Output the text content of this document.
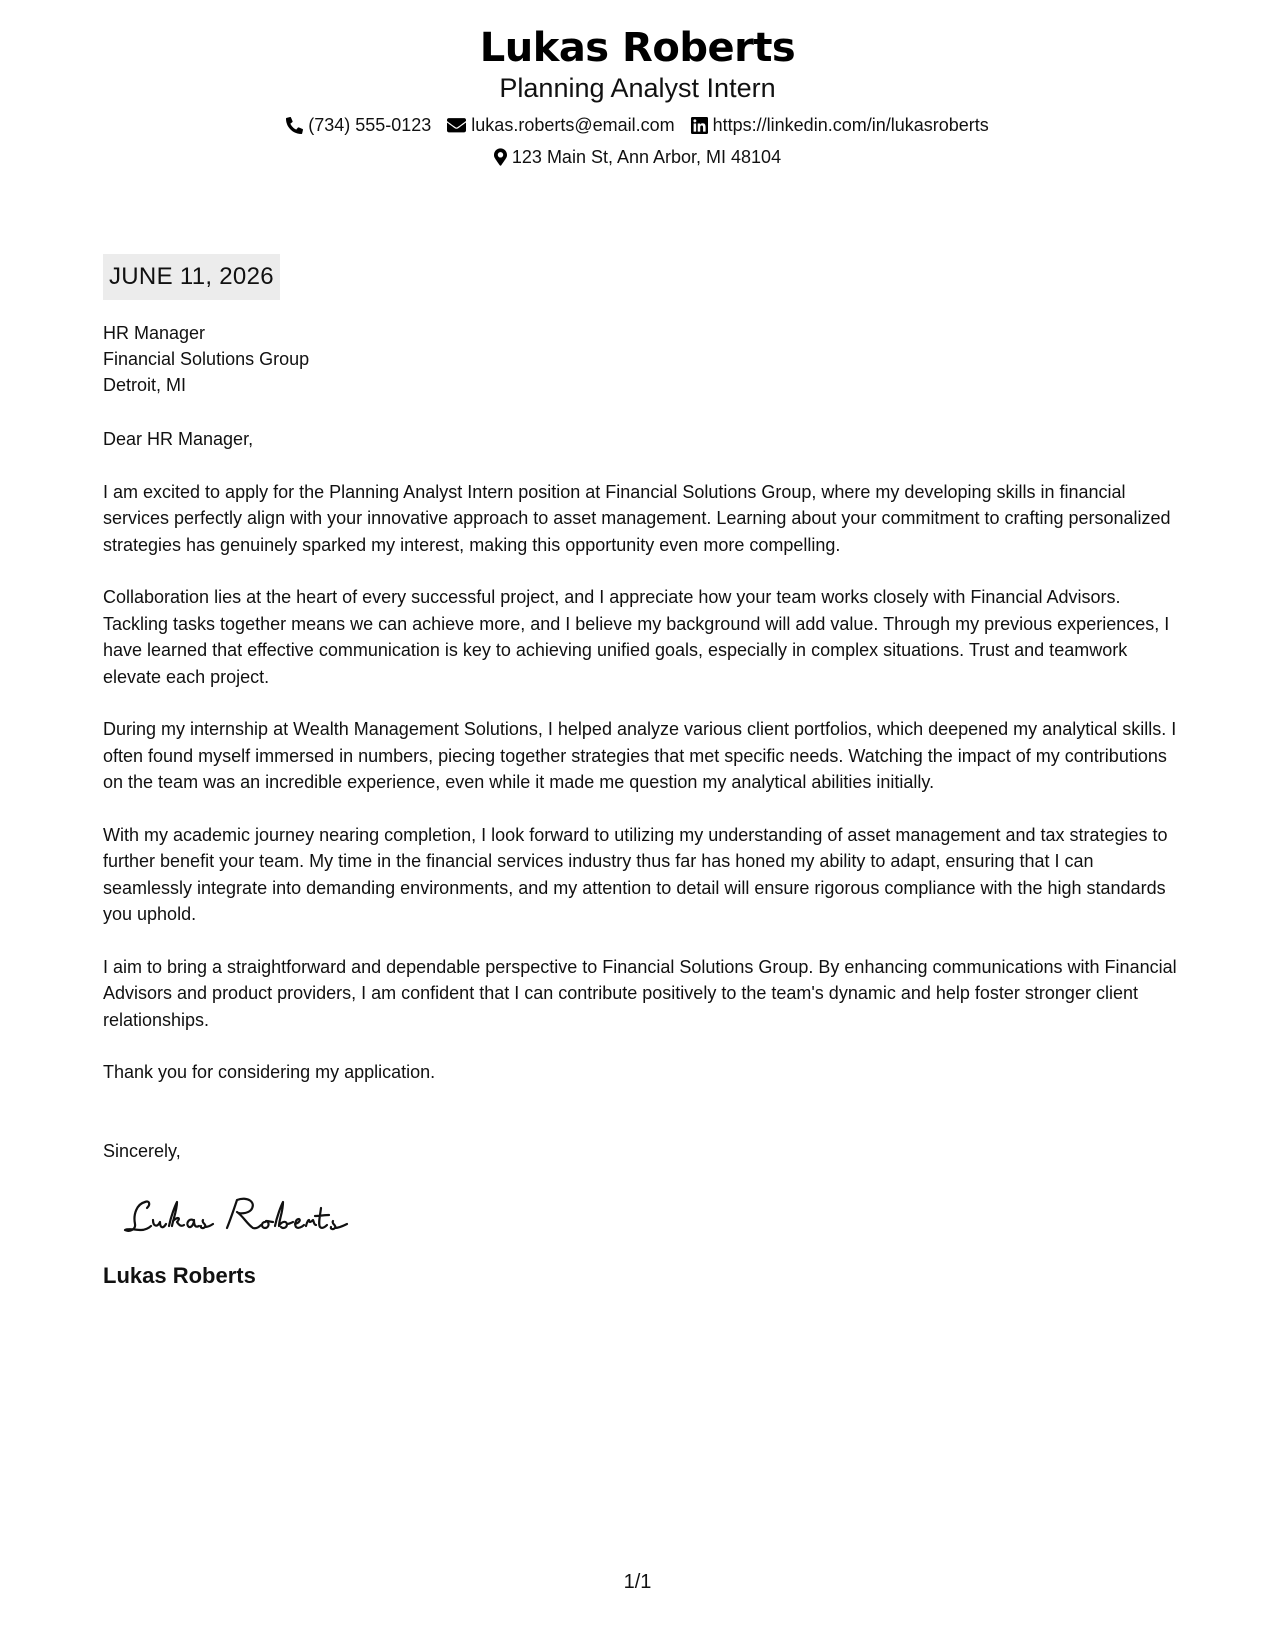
Lukas Roberts
Planning Analyst Intern
(734) 555-0123 lukas.roberts@email.com https://linkedin.com/in/lukasroberts
123 Main St, Ann Arbor, MI 48104
JUNE 11, 2026
HR Manager
Financial Solutions Group
Detroit, MI
Dear HR Manager,
I am excited to apply for the Planning Analyst Intern position at Financial Solutions Group, where my developing skills in financial services perfectly align with your innovative approach to asset management. Learning about your commitment to crafting personalized strategies has genuinely sparked my interest, making this opportunity even more compelling.
Collaboration lies at the heart of every successful project, and I appreciate how your team works closely with Financial Advisors. Tackling tasks together means we can achieve more, and I believe my background will add value. Through my previous experiences, I have learned that effective communication is key to achieving unified goals, especially in complex situations. Trust and teamwork elevate each project.
During my internship at Wealth Management Solutions, I helped analyze various client portfolios, which deepened my analytical skills. I often found myself immersed in numbers, piecing together strategies that met specific needs. Watching the impact of my contributions on the team was an incredible experience, even while it made me question my analytical abilities initially.
With my academic journey nearing completion, I look forward to utilizing my understanding of asset management and tax strategies to further benefit your team. My time in the financial services industry thus far has honed my ability to adapt, ensuring that I can seamlessly integrate into demanding environments, and my attention to detail will ensure rigorous compliance with the high standards you uphold.
I aim to bring a straightforward and dependable perspective to Financial Solutions Group. By enhancing communications with Financial Advisors and product providers, I am confident that I can contribute positively to the team's dynamic and help foster stronger client relationships.
Thank you for considering my application.
Sincerely,
Lukas Roberts
1/1
